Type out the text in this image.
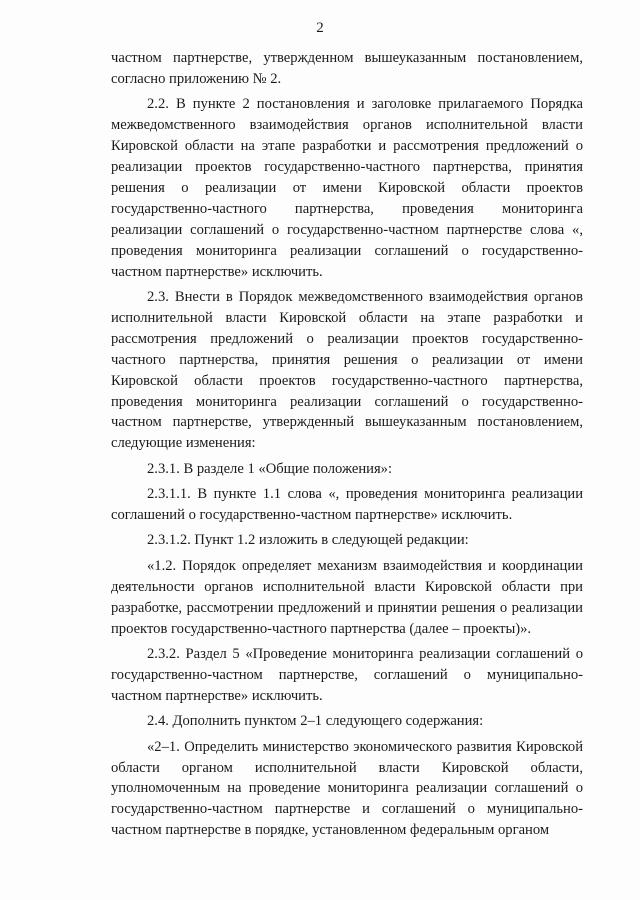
2

частном партнерстве, утвержденном вышеуказанным постановлением, согласно приложению № 2.

2.2. В пункте 2 постановления и заголовке прилагаемого Порядка межведомственного взаимодействия органов исполнительной власти Кировской области на этапе разработки и рассмотрения предложений о реализации проектов государственно-частного партнерства, принятия решения о реализации от имени Кировской области проектов государственно-частного партнерства, проведения мониторинга реализации соглашений о государственно-частном партнерстве слова «, проведения мониторинга реализации соглашений о государственно-частном партнерстве» исключить.

2.3. Внести в Порядок межведомственного взаимодействия органов исполнительной власти Кировской области на этапе разработки и рассмотрения предложений о реализации проектов государственно-частного партнерства, принятия решения о реализации от имени Кировской области проектов государственно-частного партнерства, проведения мониторинга реализации соглашений о государственно-частном партнерстве, утвержденный вышеуказанным постановлением, следующие изменения:

2.3.1. В разделе 1 «Общие положения»:

2.3.1.1. В пункте 1.1 слова «, проведения мониторинга реализации соглашений о государственно-частном партнерстве» исключить.

2.3.1.2. Пункт 1.2 изложить в следующей редакции:

«1.2. Порядок определяет механизм взаимодействия и координации деятельности органов исполнительной власти Кировской области при разработке, рассмотрении предложений и принятии решения о реализации проектов государственно-частного партнерства (далее – проекты)».

2.3.2. Раздел 5 «Проведение мониторинга реализации соглашений о государственно-частном партнерстве, соглашений о муниципально-частном партнерстве» исключить.

2.4. Дополнить пунктом 2–1 следующего содержания:

«2–1. Определить министерство экономического развития Кировской области органом исполнительной власти Кировской области, уполномоченным на проведение мониторинга реализации соглашений о государственно-частном партнерстве и соглашений о муниципально-частном партнерстве в порядке, установленном федеральным органом
